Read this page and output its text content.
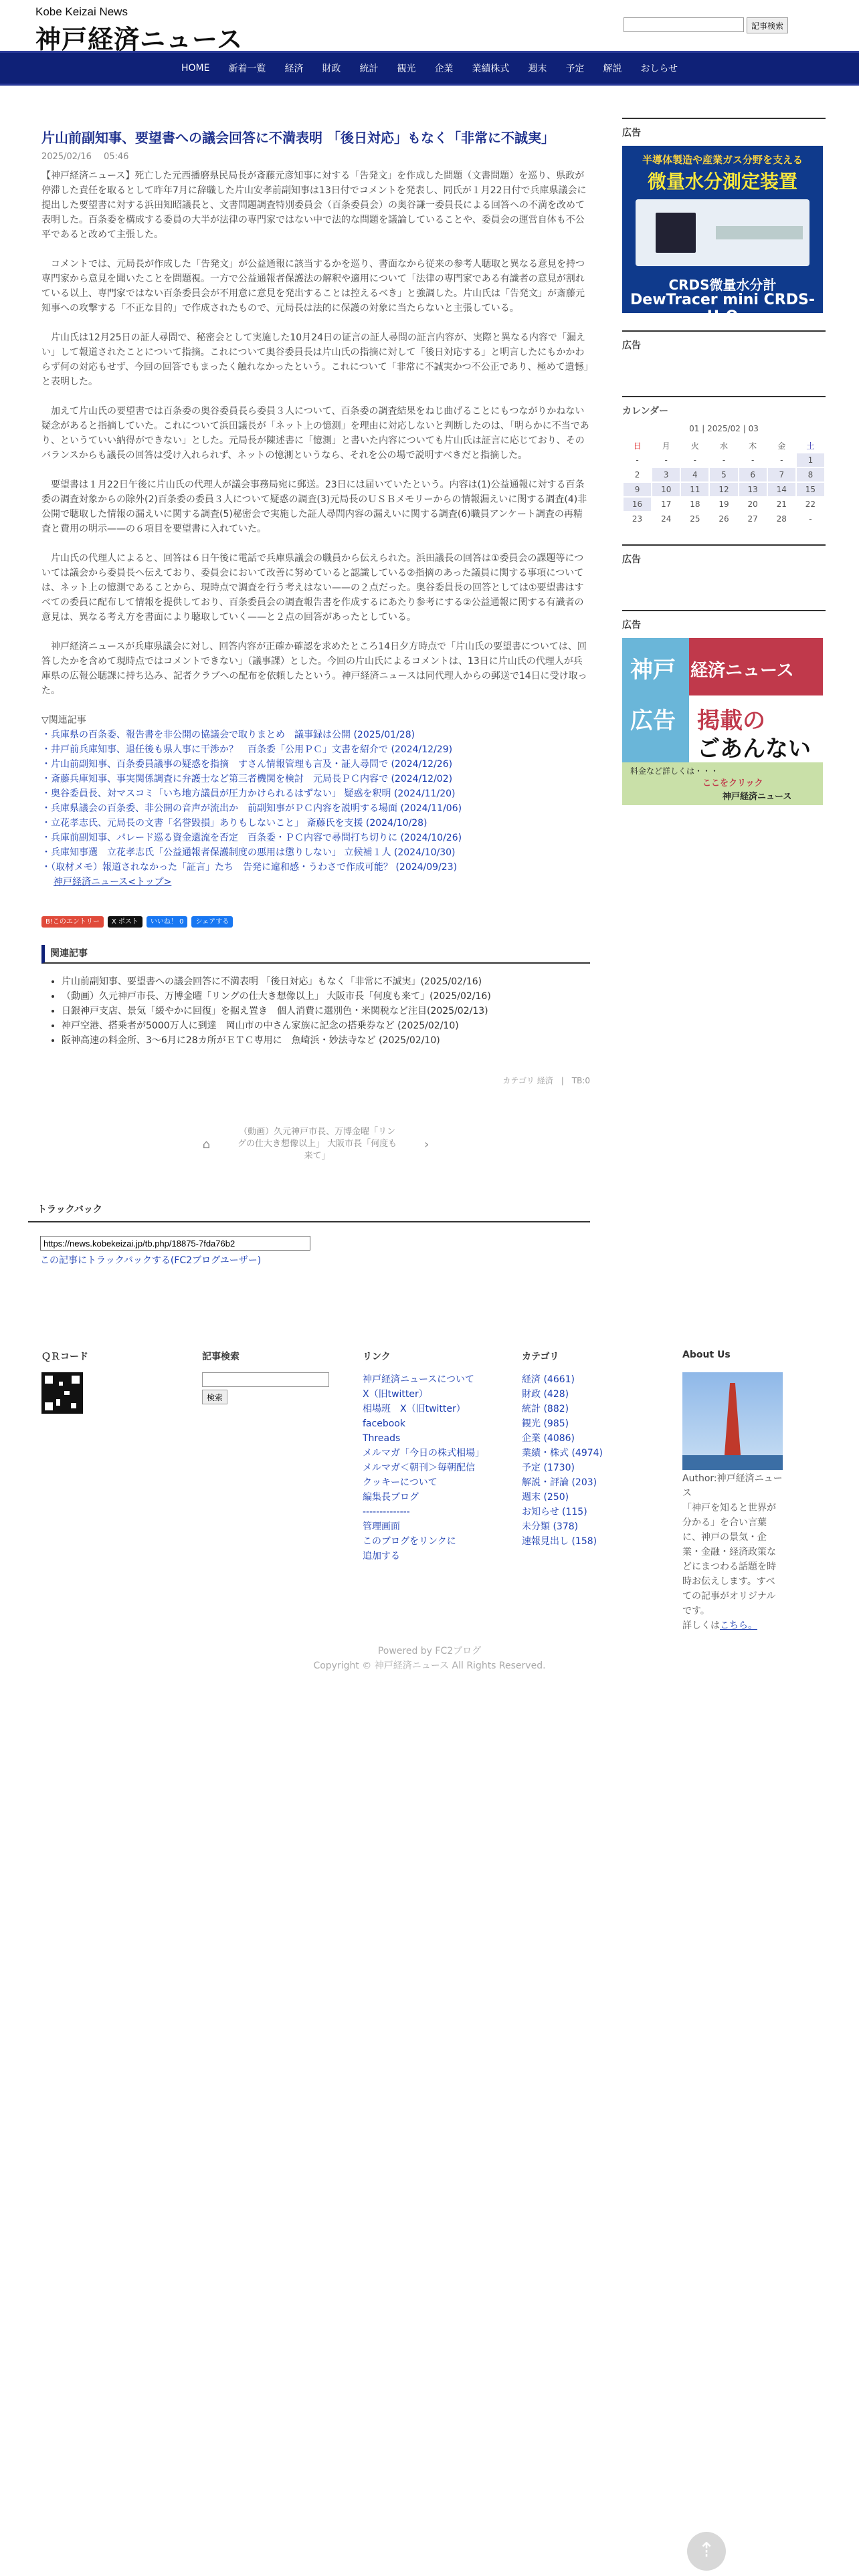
Kobe Keizai News
神戸経済ニュース	記事検索
HOME	新着一覧	経済	財政	統計	観光	企業	業績株式	週末	予定	解説	おしらせ
片山前副知事、要望書への議会回答に不満表明 「後日対応」もなく「非常に不誠実」
2025/02/16 05:46

【神戸経済ニュース】死亡した元西播磨県民局長が斎藤元彦知事に対する「告発文」を作成した問題（文書問題）を巡り、県政が停滞した責任を取るとして昨年7月に辞職した片山安孝前副知事は13日付でコメントを発表し、同氏が１月22日付で兵庫県議会に提出した要望書に対する浜田知昭議長と、文書問題調査特別委員会（百条委員会）の奥谷謙一委員長による回答への不満を改めて表明した。百条委を構成する委員の大半が法律の専門家ではない中で法的な問題を議論していることや、委員会の運営自体も不公平であると改めて主張した。

コメントでは、元局長が作成した「告発文」が公益通報に該当するかを巡り、書面なから従来の参考人聴取と異なる意見を持つ専門家から意見を聞いたことを問題視。一方で公益通報者保護法の解釈や適用について「法律の専門家である有識者の意見が割れている以上、専門家ではない百条委員会が不用意に意見を発出することは控えるべき」と強調した。片山氏は「告発文」が斎藤元知事への攻撃する「不正な目的」で作成されたもので、元局長は法的に保護の対象に当たらないと主張している。

片山氏は12月25日の証人尋問で、秘密会として実施した10月24日の证言の証人尋問の証言内容が、実際と異なる内容で「漏えい」して報道されたことについて指摘。これについて奥谷委員長は片山氏の指摘に対して「後日対応する」と明言したにもかかわらず何の対応もせず、今回の回答でもまったく触れなかったという。これについて「非常に不誠実かつ不公正であり、極めて遺憾」と表明した。

加えて片山氏の要望書では百条委の奥谷委員長ら委員３人について、百条委の調査結果をねじ曲げることにもつながりかねない疑念があると指摘していた。これについて浜田議長が「ネット上の憶測」を理由に対応しないと判断したのは、「明らかに不当であり、というていい納得ができない」とした。元局長が陳述書に「憶測」と書いた内容についても片山氏は証言に応じており、そのバランスからも議長の回答は受け入れられず、ネットの憶測というなら、それを公の場で説明すべきだと指摘した。

要望書は１月22日午後に片山氏の代理人が議会事務局宛に郵送。23日には届いていたという。内容は(1)公益通報に対する百条委の調査対象からの除外(2)百条委の委員３人について疑惑の調査(3)元局長のＵＳＢメモリーからの情報漏えいに関する調査(4)非公開で聴取した情報の漏えいに関する調査(5)秘密会で実施した証人尋問内容の漏えいに関する調査(6)職員アンケート調査の再精査と費用の明示——の６項目を要望書に入れていた。

片山氏の代理人によると、回答は６日午後に電話で兵庫県議会の職員から伝えられた。浜田議長の回答は①委員会の課題等については議会から委員長へ伝えており、委員会において改善に努めていると認識している②指摘のあった議員に関する事項については、ネット上の憶測であることから、現時点で調査を行う考えはない——の２点だった。奥谷委員長の回答としては①要望書はすべての委員に配布して情報を提供しており、百条委員会の調査報告書を作成するにあたり参考にする②公益通報に関する有識者の意見は、異なる考え方を書面により聴取していく——と２点の回答があったとしている。

神戸経済ニュースが兵庫県議会に対し、回答内容が正確か確認を求めたところ14日夕方時点で「片山氏の要望書については、回答したかを含めて現時点ではコメントできない」（議事課）とした。今回の片山氏によるコメントは、13日に片山氏の代理人が兵庫県の広報公聴課に持ち込み、記者クラブへの配布を依頼したという。神戸経済ニュースは同代理人からの郵送で14日に受け取った。

▽関連記事
・兵庫県の百条委、報告書を非公開の協議会で取りまとめ　議事録は公開 (2025/01/28)
・井戸前兵庫知事、退任後も県人事に干渉か？　百条委「公用ＰＣ」文書を紹介で (2024/12/29)
・片山前副知事、百条委員議事の疑惑を指摘　すさん情報管理も言及・証人尋問で (2024/12/26)
・斎藤兵庫知事、事実関係調査に弁護士など第三者機関を検討　元局長ＰＣ内容で (2024/12/02)
・奥谷委員長、対マスコミ「いち地方議員が圧力かけられるはずない」 疑惑を釈明 (2024/11/20)
・兵庫県議会の百条委、非公開の音声が流出か　前副知事がＰＣ内容を説明する場面 (2024/11/06)
・立花孝志氏、元局長の文書「名誉毀損」ありもしないこと」 斎藤氏を支援 (2024/10/28)
・兵庫前副知事、パレード巡る資金還流を否定　百条委・ＰＣ内容で尋問打ち切りに (2024/10/26)
・兵庫知事選　立花孝志氏「公益通報者保護制度の悪用は懲りしない」 立候補１人 (2024/10/30)
・（取材メモ）報道されなかった「証言」たち　告発に違和感・うわさで作成可能？ (2024/09/23)
神戸経済ニュース<トップ>
B!このエントリー	X ポスト	いいね！ 0	シェアする
関連記事
• 片山前副知事、要望書への議会回答に不満表明 「後日対応」もなく「非常に不誠実」(2025/02/16)
• （動画）久元神戸市長、万博金曜「リングの仕大き想像以上」 大阪市長「何度も来て」(2025/02/16)
• 日銀神戸支店、景気「緩やかに回復」を据え置き　個人消費に選別色・米関税など注目(2025/02/13)
• 神戸空港、搭乗者が5000万人に到達　岡山市の中さん家族に記念の搭乗券など (2025/02/10)
• 阪神高速の料金所、3～6月に28カ所がＥＴＣ専用に　魚崎浜・妙法寺など (2025/02/10)
カテゴリ 経済　|　TB:0
⌂
（動画）久元神戸市長、万博金曜「リングの仕大き想像以上」 大阪市長「何度も来て」
›
トラックバック
https://news.kobekeizai.jp/tb.php/18875-7fda76b2
この記事にトラックバックする(FC2ブログユーザー)
広告
半導体製造や産業ガス分野を支える
微量水分測定装置
CRDS微量水分計
DewTracer mini CRDS-H₂O
広告
カレンダー
01 | 2025/02 | 03
日	月	火	水	木	金	土
-	-	-	-	-	-	1
2	3	4	5	6	7	8
9	10	11	12	13	14	15
16	17	18	19	20	21	22
23	24	25	26	27	28	-
広告
広告
神戸 経済ニュース
広告 掲載の
ごあんない
料金など詳しくは・・・
ここをクリック
神戸経済ニュース
ＱＲコード	記事検索
検索
リンク
神戸経済ニュースについて
X（旧twitter）
相場班　X（旧twitter）
facebook
Threads
メルマガ「今日の株式相場」
メルマガ＜朝刊＞毎朝配信
クッキーについて
編集長ブログ
--------------
管理画面
このブログをリンクに追加する
カテゴリ
経済 (4661)
財政 (428)
統計 (882)
観光 (985)
企業 (4086)
業績・株式 (4974)
予定 (1730)
解説・評論 (203)
週末 (250)
お知らせ (115)
未分類 (378)
速報見出し (158)
About Us
Author:神戸経済ニュース
「神戸を知ると世界が分かる」を合い言葉に、神戸の景気・企業・金融・経済政策などにまつわる話題を時時お伝えします。すべての記事がオリジナルです。
詳しくはこちら。
Powered by FC2ブログ
Copyright © 神戸経済ニュース All Rights Reserved.
⇡
